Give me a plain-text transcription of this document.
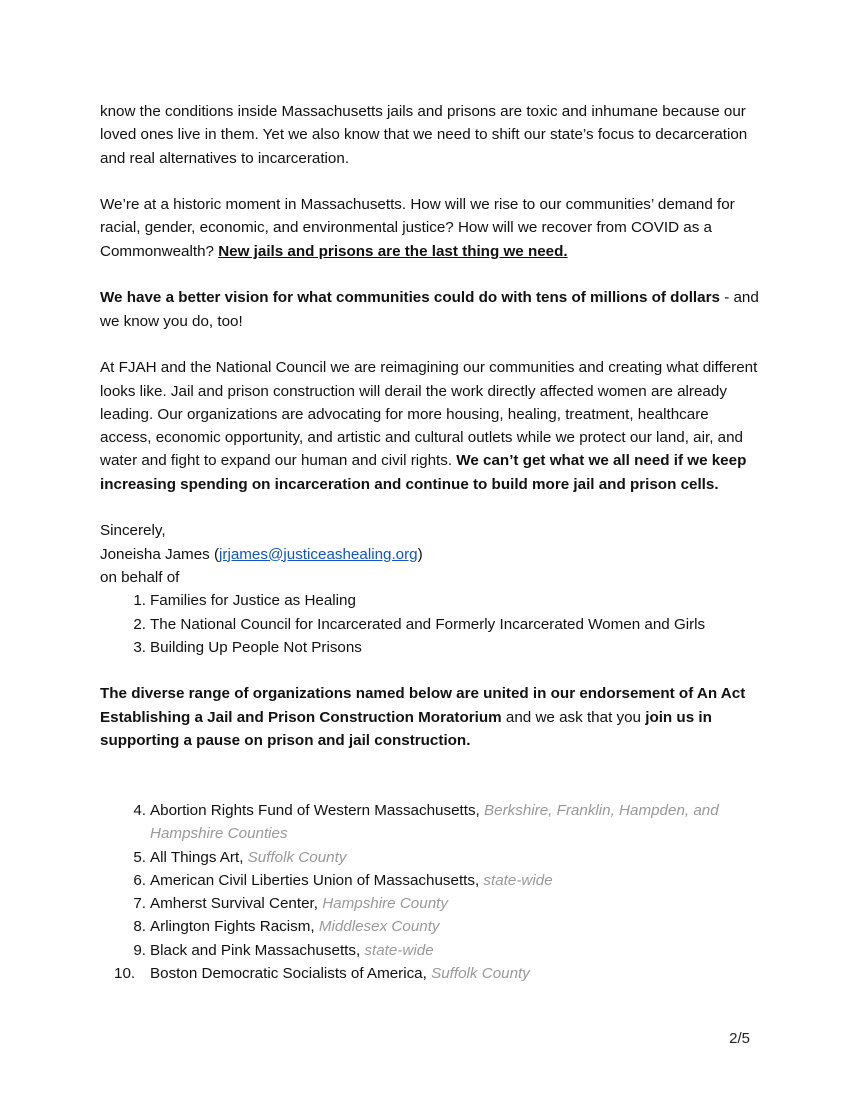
know the conditions inside Massachusetts jails and prisons are toxic and inhumane because our loved ones live in them. Yet we also know that we need to shift our state’s focus to decarceration and real alternatives to incarceration.

We’re at a historic moment in Massachusetts. How will we rise to our communities’ demand for racial, gender, economic, and environmental justice? How will we recover from COVID as a Commonwealth? New jails and prisons are the last thing we need.

We have a better vision for what communities could do with tens of millions of dollars - and we know you do, too!

At FJAH and the National Council we are reimagining our communities and creating what different looks like. Jail and prison construction will derail the work directly affected women are already leading. Our organizations are advocating for more housing, healing, treatment, healthcare access, economic opportunity, and artistic and cultural outlets while we protect our land, air, and water and fight to expand our human and civil rights. We can’t get what we all need if we keep increasing spending on incarceration and continue to build more jail and prison cells.

Sincerely,

Joneisha James (jrjames@justiceashealing.org)

on behalf of

1. Families for Justice as Healing
2. The National Council for Incarcerated and Formerly Incarcerated Women and Girls
3. Building Up People Not Prisons

The diverse range of organizations named below are united in our endorsement of An Act Establishing a Jail and Prison Construction Moratorium and we ask that you join us in supporting a pause on prison and jail construction.

4. Abortion Rights Fund of Western Massachusetts, Berkshire, Franklin, Hampden, and Hampshire Counties
5. All Things Art, Suffolk County
6. American Civil Liberties Union of Massachusetts, state-wide
7. Amherst Survival Center, Hampshire County
8. Arlington Fights Racism, Middlesex County
9. Black and Pink Massachusetts, state-wide
10. Boston Democratic Socialists of America, Suffolk County
2/5
